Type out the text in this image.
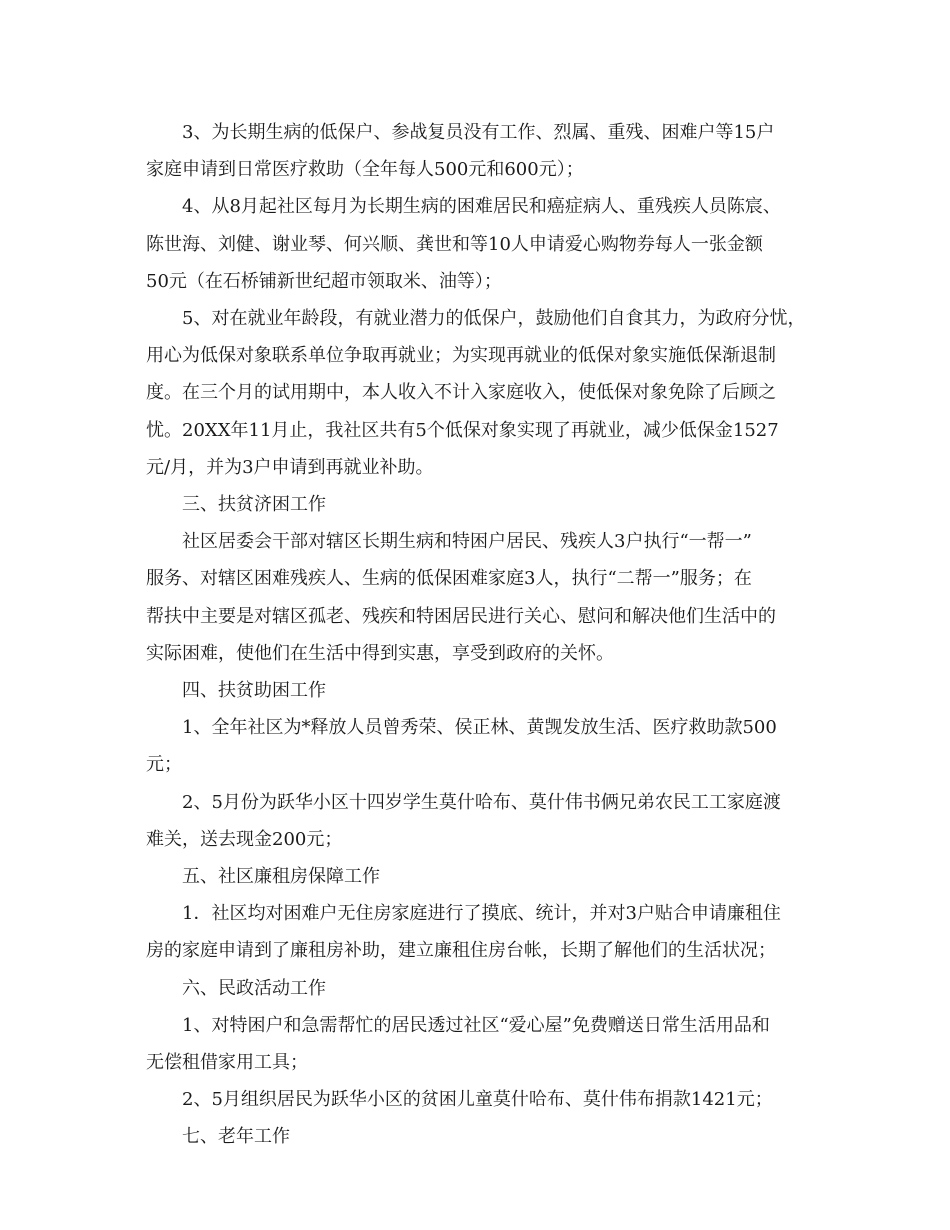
3、为长期生病的低保户、参战复员没有工作、烈属、重残、困难户等15户
家庭申请到日常医疗救助（全年每人500元和600元）；
4、从8月起社区每月为长期生病的困难居民和癌症病人、重残疾人员陈宸、
陈世海、刘健、谢业琴、何兴顺、龚世和等10人申请爱心购物券每人一张金额
50元（在石桥铺新世纪超市领取米、油等）；
5、对在就业年龄段，有就业潜力的低保户，鼓励他们自食其力，为政府分忧，
用心为低保对象联系单位争取再就业；为实现再就业的低保对象实施低保渐退制
度。在三个月的试用期中，本人收入不计入家庭收入，使低保对象免除了后顾之
忧。20XX年11月止，我社区共有5个低保对象实现了再就业，减少低保金1527
元/月，并为3户申请到再就业补助。
三、扶贫济困工作
社区居委会干部对辖区长期生病和特困户居民、残疾人3户执行“一帮一”
服务、对辖区困难残疾人、生病的低保困难家庭3人，执行“二帮一”服务；在
帮扶中主要是对辖区孤老、残疾和特困居民进行关心、慰问和解决他们生活中的
实际困难，使他们在生活中得到实惠，享受到政府的关怀。
四、扶贫助困工作
1、全年社区为*释放人员曾秀荣、侯正林、黄觊发放生活、医疗救助款500
元；
2、5月份为跃华小区十四岁学生莫什哈布、莫什伟书俩兄弟农民工工家庭渡
难关，送去现金200元；
五、社区廉租房保障工作
1．社区均对困难户无住房家庭进行了摸底、统计，并对3户贴合申请廉租住
房的家庭申请到了廉租房补助，建立廉租住房台帐，长期了解他们的生活状况；
六、民政活动工作
1、对特困户和急需帮忙的居民透过社区“爱心屋”免费赠送日常生活用品和
无偿租借家用工具；
2、5月组织居民为跃华小区的贫困儿童莫什哈布、莫什伟布捐款1421元；
七、老年工作
